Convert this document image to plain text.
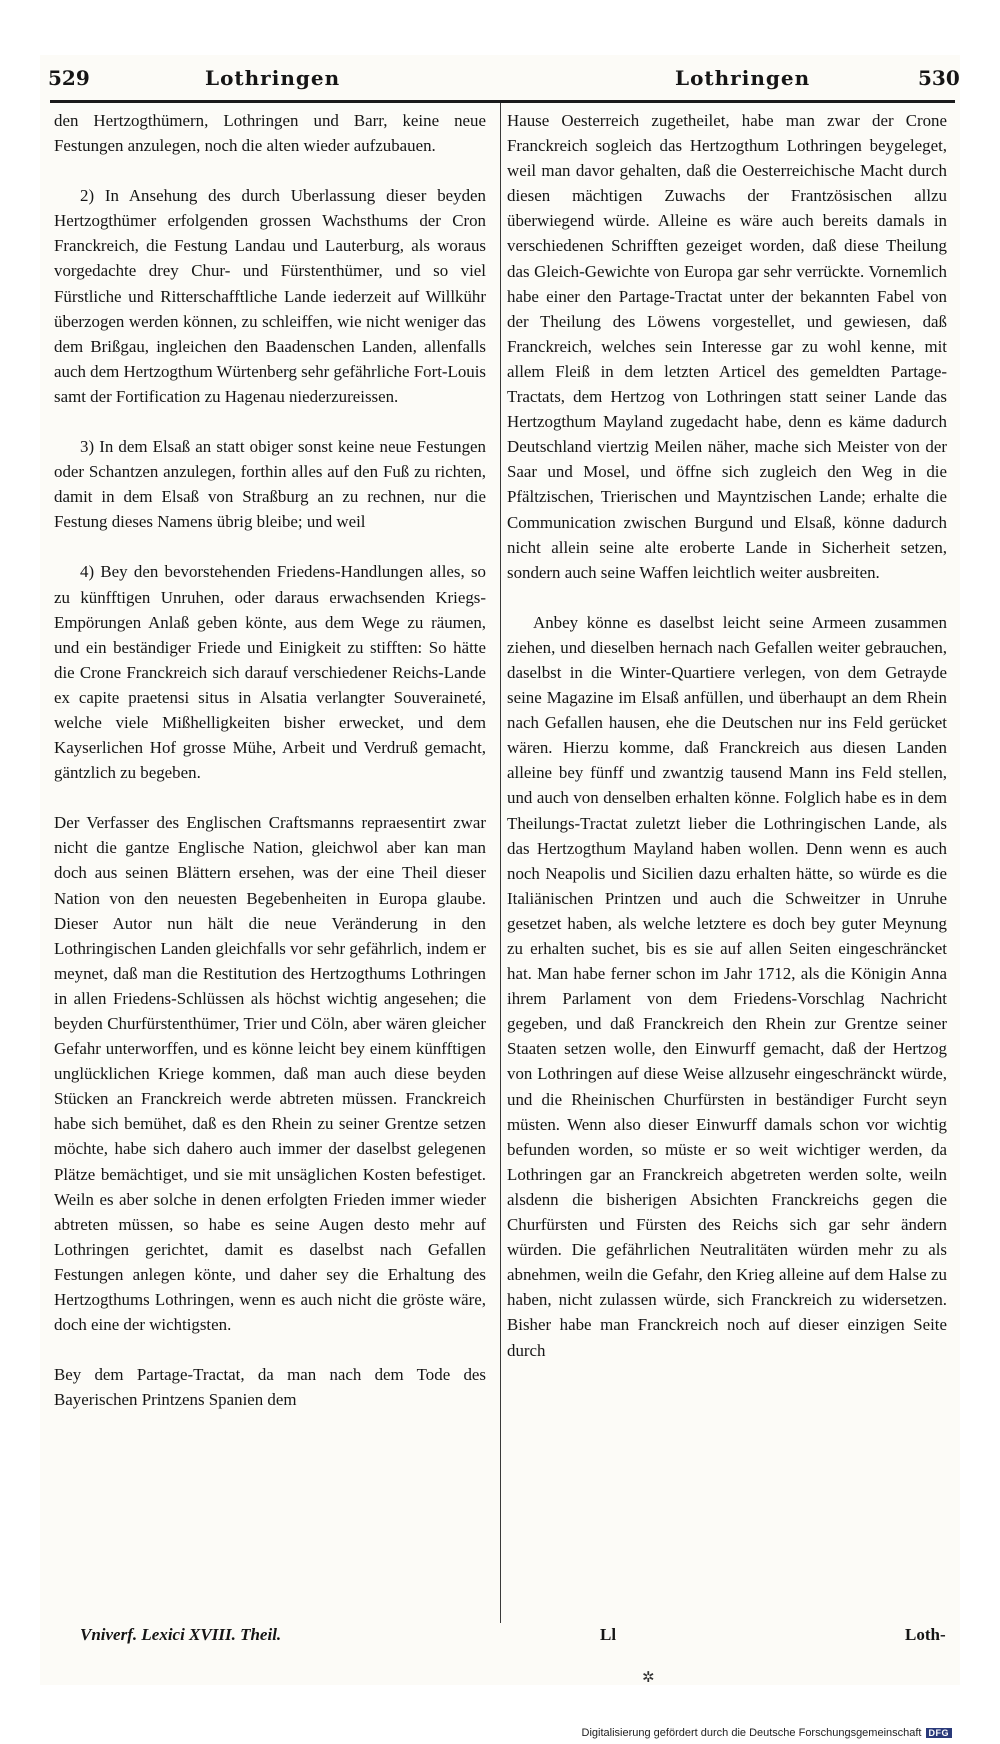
529	Lothringen	Lothringen	530

den Hertzogthümern, Lothringen und Barr, keine neue Festungen anzulegen, noch die alten wieder aufzubauen.

2) In Ansehung des durch Uberlassung dieser beyden Hertzogthümer erfolgenden grossen Wachsthums der Cron Franckreich, die Festung Landau und Lauterburg, als woraus vorgedachte drey Chur- und Fürstenthümer, und so viel Fürstliche und Ritterschafftliche Lande iederzeit auf Willkühr überzogen werden können, zu schleiffen, wie nicht weniger das dem Brißgau, ingleichen den Baadenschen Landen, allenfalls auch dem Hertzogthum Würtenberg sehr gefährliche Fort-Louis samt der Fortification zu Hagenau niederzureissen.

3) In dem Elsaß an statt obiger sonst keine neue Festungen oder Schantzen anzulegen, forthin alles auf den Fuß zu richten, damit in dem Elsaß von Straßburg an zu rechnen, nur die Festung dieses Namens übrig bleibe; und weil

4) Bey den bevorstehenden Friedens-Handlungen alles, so zu künfftigen Unruhen, oder daraus erwachsenden Kriegs-Empörungen Anlaß geben könte, aus dem Wege zu räumen, und ein beständiger Friede und Einigkeit zu stifften: So hätte die Crone Franckreich sich darauf verschiedener Reichs-Lande ex capite praetensi situs in Alsatia verlangter Souveraineté, welche viele Mißhelligkeiten bisher erwecket, und dem Kayserlichen Hof grosse Mühe, Arbeit und Verdruß gemacht, gäntzlich zu begeben.

Der Verfasser des Englischen Craftsmanns repraesentirt zwar nicht die gantze Englische Nation, gleichwol aber kan man doch aus seinen Blättern ersehen, was der eine Theil dieser Nation von den neuesten Begebenheiten in Europa glaube. Dieser Autor nun hält die neue Veränderung in den Lothringischen Landen gleichfalls vor sehr gefährlich, indem er meynet, daß man die Restitution des Hertzogthums Lothringen in allen Friedens-Schlüssen als höchst wichtig angesehen; die beyden Churfürstenthümer, Trier und Cöln, aber wären gleicher Gefahr unterworffen, und es könne leicht bey einem künfftigen unglücklichen Kriege kommen, daß man auch diese beyden Stücken an Franckreich werde abtreten müssen. Franckreich habe sich bemühet, daß es den Rhein zu seiner Grentze setzen möchte, habe sich dahero auch immer der daselbst gelegenen Plätze bemächtiget, und sie mit unsäglichen Kosten befestiget. Weiln es aber solche in denen erfolgten Frieden immer wieder abtreten müssen, so habe es seine Augen desto mehr auf Lothringen gerichtet, damit es daselbst nach Gefallen Festungen anlegen könte, und daher sey die Erhaltung des Hertzogthums Lothringen, wenn es auch nicht die gröste wäre, doch eine der wichtigsten.

Bey dem Partage-Tractat, da man nach dem Tode des Bayerischen Printzens Spanien dem

Hause Oesterreich zugetheilet, habe man zwar der Crone Franckreich sogleich das Hertzogthum Lothringen beygeleget, weil man davor gehalten, daß die Oesterreichische Macht durch diesen mächtigen Zuwachs der Frantzösischen allzu überwiegend würde. Alleine es wäre auch bereits damals in verschiedenen Schrifften gezeiget worden, daß diese Theilung das Gleich-Gewichte von Europa gar sehr verrückte. Vornemlich habe einer den Partage-Tractat unter der bekannten Fabel von der Theilung des Löwens vorgestellet, und gewiesen, daß Franckreich, welches sein Interesse gar zu wohl kenne, mit allem Fleiß in dem letzten Articel des gemeldten Partage-Tractats, dem Hertzog von Lothringen statt seiner Lande das Hertzogthum Mayland zugedacht habe, denn es käme dadurch Deutschland viertzig Meilen näher, mache sich Meister von der Saar und Mosel, und öffne sich zugleich den Weg in die Pfältzischen, Trierischen und Mayntzischen Lande; erhalte die Communication zwischen Burgund und Elsaß, könne dadurch nicht allein seine alte eroberte Lande in Sicherheit setzen, sondern auch seine Waffen leichtlich weiter ausbreiten.

Anbey könne es daselbst leicht seine Armeen zusammen ziehen, und dieselben hernach nach Gefallen weiter gebrauchen, daselbst in die Winter-Quartiere verlegen, von dem Getrayde seine Magazine im Elsaß anfüllen, und überhaupt an dem Rhein nach Gefallen hausen, ehe die Deutschen nur ins Feld gerücket wären. Hierzu komme, daß Franckreich aus diesen Landen alleine bey fünff und zwantzig tausend Mann ins Feld stellen, und auch von denselben erhalten könne. Folglich habe es in dem Theilungs-Tractat zuletzt lieber die Lothringischen Lande, als das Hertzogthum Mayland haben wollen. Denn wenn es auch noch Neapolis und Sicilien dazu erhalten hätte, so würde es die Italiänischen Printzen und auch die Schweitzer in Unruhe gesetzet haben, als welche letztere es doch bey guter Meynung zu erhalten suchet, bis es sie auf allen Seiten eingeschräncket hat. Man habe ferner schon im Jahr 1712, als die Königin Anna ihrem Parlament von dem Friedens-Vorschlag Nachricht gegeben, und daß Franckreich den Rhein zur Grentze seiner Staaten setzen wolle, den Einwurff gemacht, daß der Hertzog von Lothringen auf diese Weise allzusehr eingeschränckt würde, und die Rheinischen Churfürsten in beständiger Furcht seyn müsten. Wenn also dieser Einwurff damals schon vor wichtig befunden worden, so müste er so weit wichtiger werden, da Lothringen gar an Franckreich abgetreten werden solte, weiln alsdenn die bisherigen Absichten Franckreichs gegen die Churfürsten und Fürsten des Reichs sich gar sehr ändern würden. Die gefährlichen Neutralitäten würden mehr zu als abnehmen, weiln die Gefahr, den Krieg alleine auf dem Halse zu haben, nicht zulassen würde, sich Franckreich zu widersetzen. Bisher habe man Franckreich noch auf dieser einzigen Seite durch

Vniverf. Lexici XVIII. Theil.	Ll	Loth-
✲
Digitalisierung gefördert durch die Deutsche Forschungsgemeinschaft DFG
